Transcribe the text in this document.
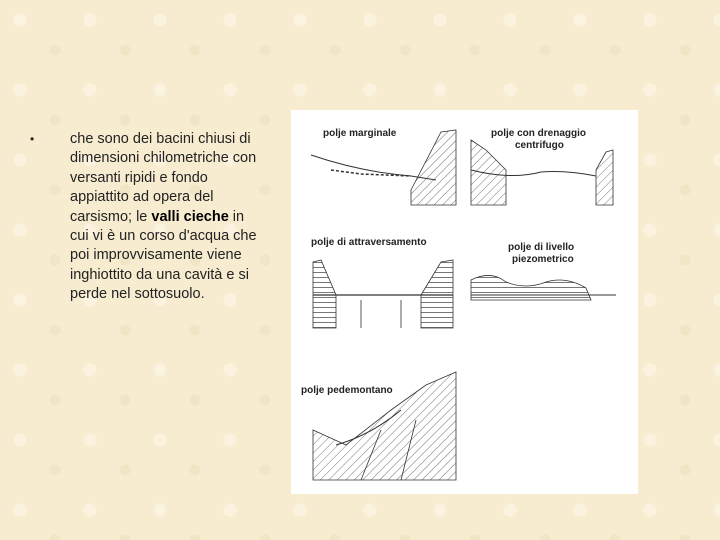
• che sono dei bacini chiusi di dimensioni chilometriche con versanti ripidi e fondo appiattito ad opera del carsismo; le valli cieche in cui vi è un corso d'acqua che poi improvvisamente viene inghiottito da una cavità e si perde nel sottosuolo.
polje marginale	polje con drenaggio
centrifugo
polje di attraversamento	polje di livello
piezometrico
polje pedemontano
